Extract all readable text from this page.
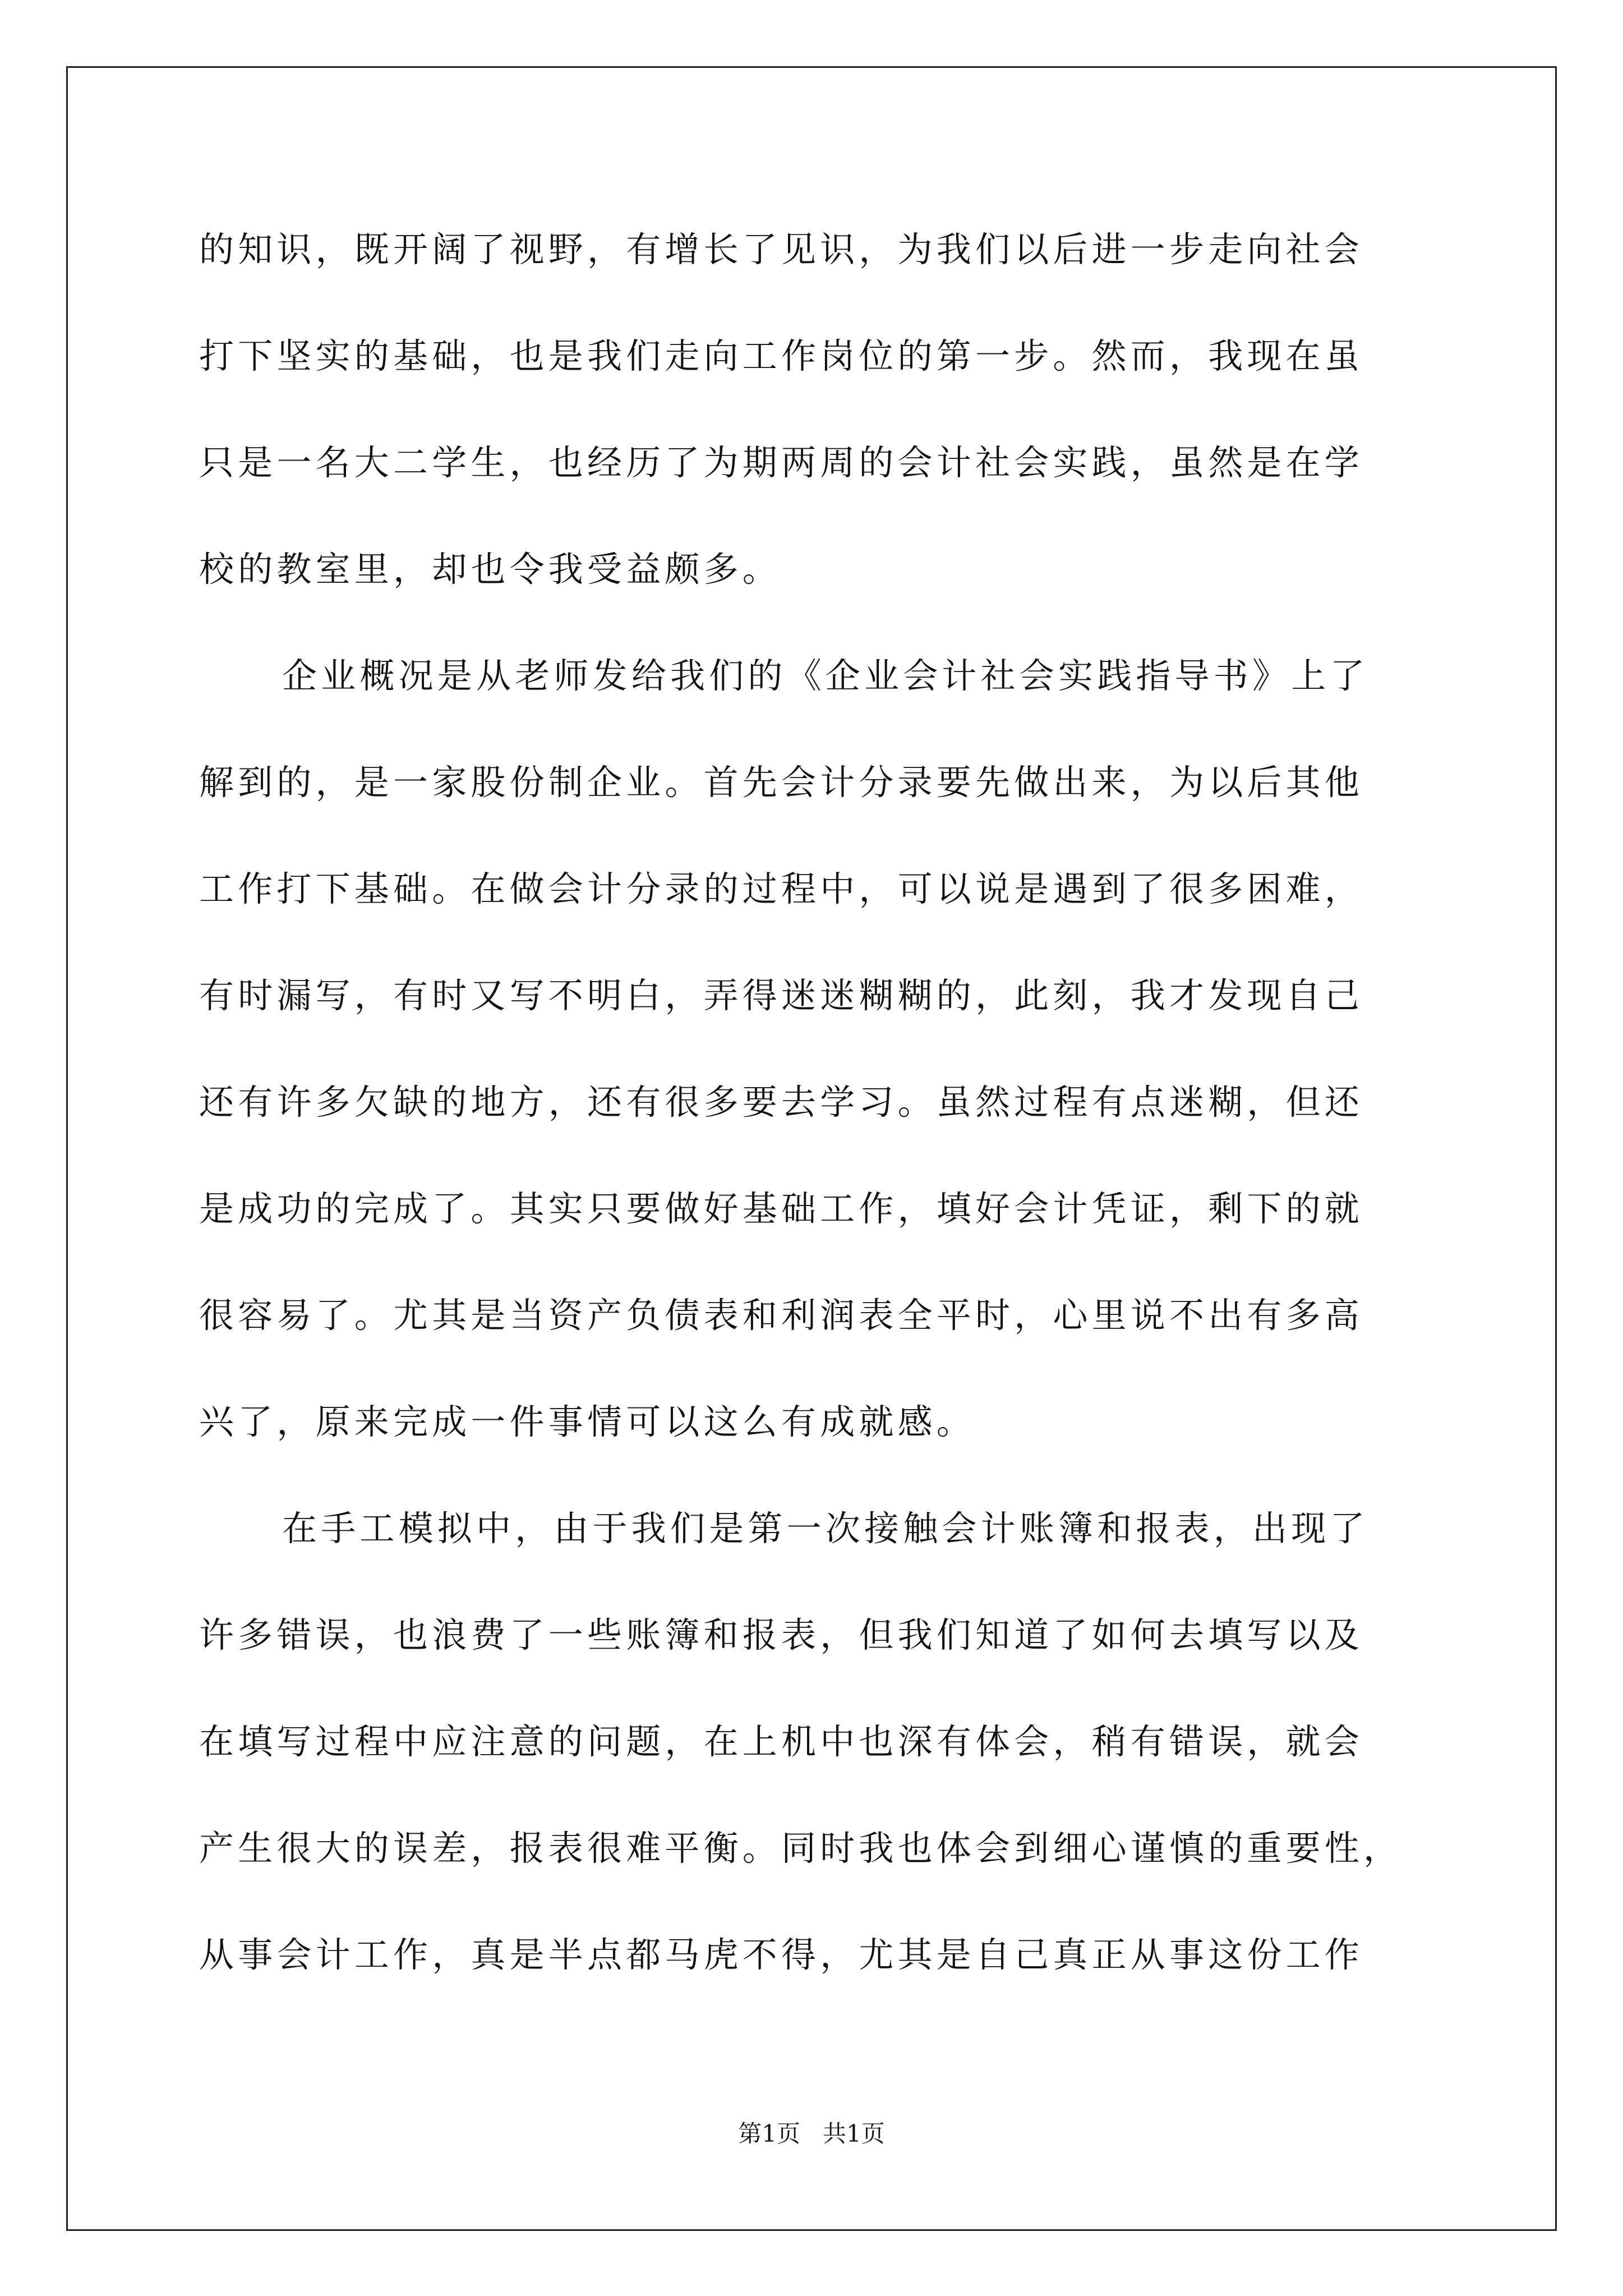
的知识，既开阔了视野，有增长了见识，为我们以后进一步走向社会

打下坚实的基础，也是我们走向工作岗位的第一步。然而，我现在虽

只是一名大二学生，也经历了为期两周的会计社会实践，虽然是在学

校的教室里，却也令我受益颇多。

企业概况是从老师发给我们的《企业会计社会实践指导书》上了

解到的，是一家股份制企业。首先会计分录要先做出来，为以后其他

工作打下基础。在做会计分录的过程中，可以说是遇到了很多困难，

有时漏写，有时又写不明白，弄得迷迷糊糊的，此刻，我才发现自己

还有许多欠缺的地方，还有很多要去学习。虽然过程有点迷糊，但还

是成功的完成了。其实只要做好基础工作，填好会计凭证，剩下的就

很容易了。尤其是当资产负债表和利润表全平时，心里说不出有多高

兴了，原来完成一件事情可以这么有成就感。

在手工模拟中，由于我们是第一次接触会计账簿和报表，出现了

许多错误，也浪费了一些账簿和报表，但我们知道了如何去填写以及

在填写过程中应注意的问题，在上机中也深有体会，稍有错误，就会

产生很大的误差，报表很难平衡。同时我也体会到细心谨慎的重要性，

从事会计工作，真是半点都马虎不得，尤其是自己真正从事这份工作

第1页   共1页
